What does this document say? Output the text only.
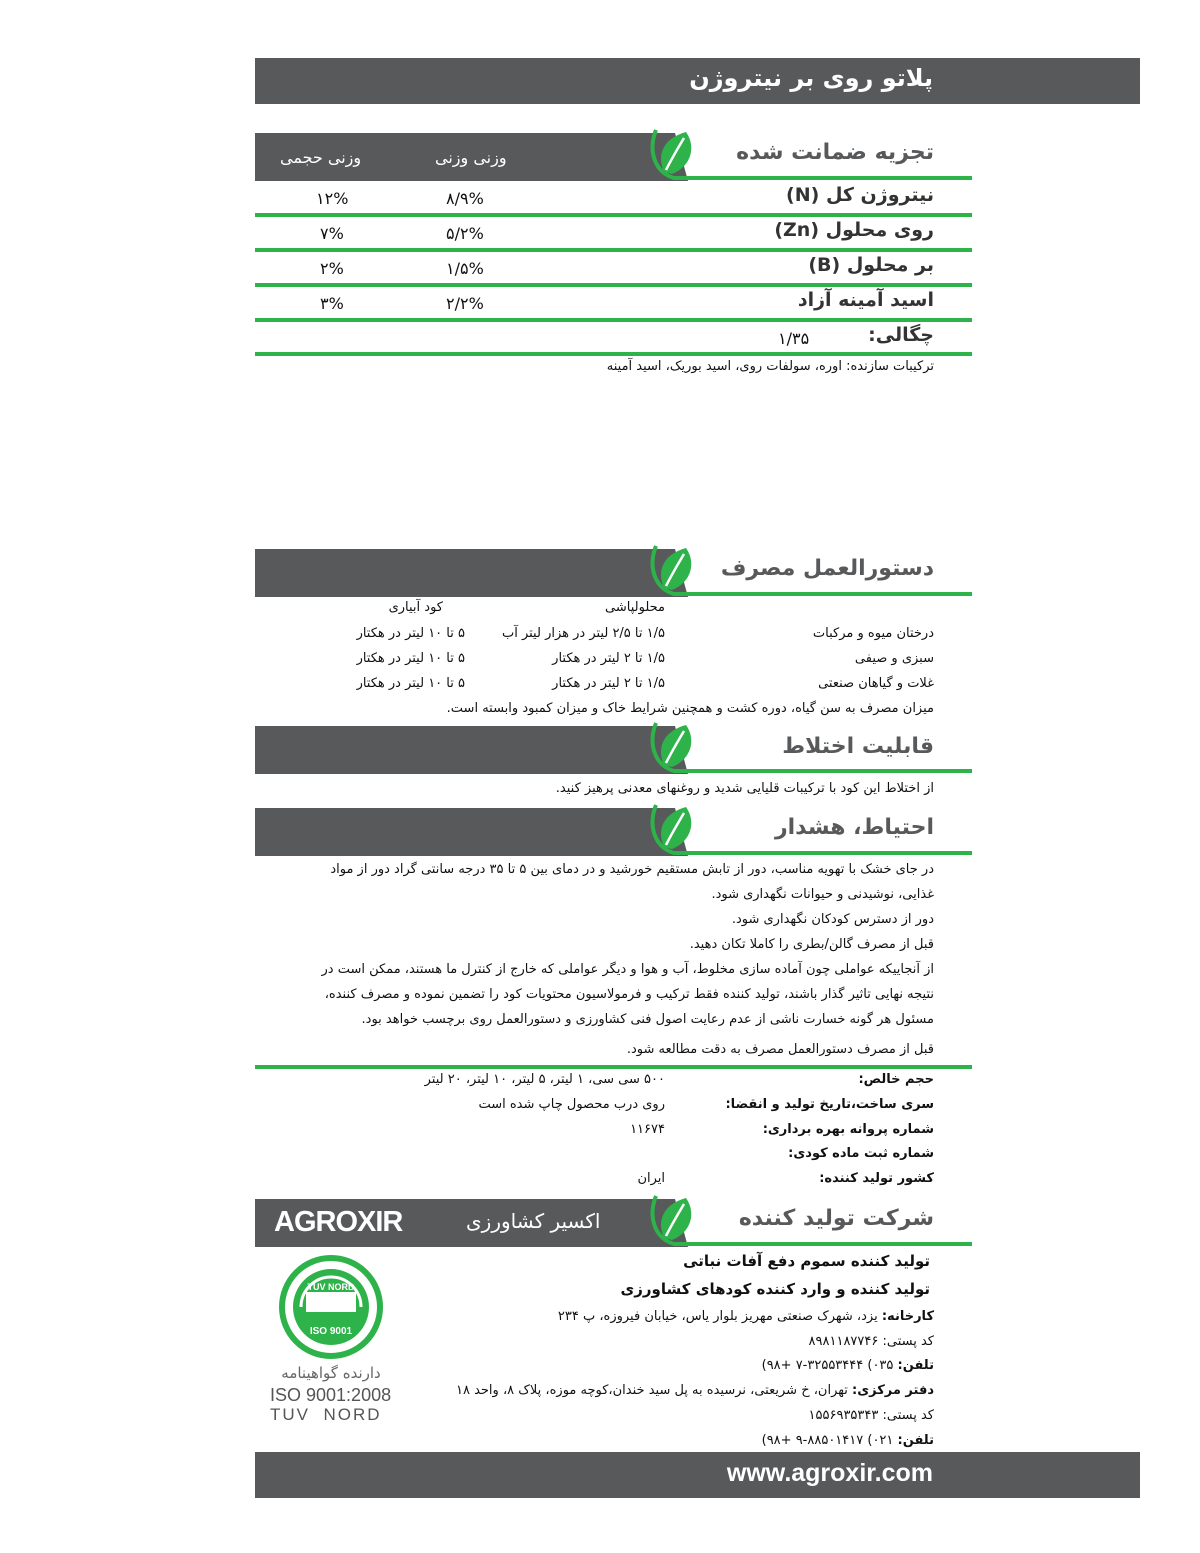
پلاتو روی بر نیتروژن
تجزیه ضمانت شده
وزنی وزنی
وزنی حجمی
نیتروژن کل (N)
۸/۹%
۱۲%
روی محلول (Zn)
۵/۲%
۷%
بر محلول (B)
۱/۵%
۲%
اسید آمینه آزاد
۲/۲%
۳%
چگالی:
۱/۳۵
ترکیبات سازنده: اوره، سولفات روی، اسید بوریک، اسید آمینه
دستورالعمل مصرف
محلولپاشی
کود آبیاری
درختان میوه و مرکبات
۱/۵ تا ۲/۵ لیتر در هزار لیتر آب
۵ تا ۱۰ لیتر در هکتار
سبزی و صیفی
۱/۵ تا ۲ لیتر در هکتار
۵ تا ۱۰ لیتر در هکتار
غلات و گیاهان صنعتی
۱/۵ تا ۲ لیتر در هکتار
۵ تا ۱۰ لیتر در هکتار
میزان مصرف به سن گیاه، دوره کشت و همچنین شرایط خاک و میزان کمبود وابسته است.
قابلیت اختلاط
از اختلاط این کود با ترکیبات قلیایی شدید و روغنهای معدنی پرهیز کنید.
احتیاط، هشدار
در جای خشک با تهویه مناسب، دور از تابش مستقیم خورشید و در دمای بین ۵ تا ۳۵ درجه سانتی گراد دور از مواد
غذایی، نوشیدنی و حیوانات نگهداری شود.
دور از دسترس کودکان نگهداری شود.
قبل از مصرف گالن/بطری را کاملا تکان دهید.
از آنجاییکه عواملی چون آماده سازی مخلوط، آب و هوا و دیگر عواملی که خارج از کنترل ما هستند، ممکن است در
نتیجه نهایی تاثیر گذار باشند، تولید کننده فقط ترکیب و فرمولاسیون محتویات کود را تضمین نموده و مصرف کننده،
مسئول هر گونه خسارت ناشی از عدم رعایت اصول فنی کشاورزی و دستورالعمل روی برچسب خواهد بود.
قبل از مصرف دستورالعمل مصرف به دقت مطالعه شود.
حجم خالص:
۵۰۰ سی سی، ۱ لیتر، ۵ لیتر، ۱۰ لیتر، ۲۰ لیتر
سری ساخت،تاریخ تولید و انقضا:
روی درب محصول چاپ شده است
شماره پروانه بهره برداری:
۱۱۶۷۴
شماره ثبت ماده کودی:
کشور تولید کننده:
ایران
شرکت تولید کننده
اکسیر کشاورزی
AGROXIR
تولید کننده سموم دفع آفات نباتی
تولید کننده و وارد کننده کودهای کشاورزی
کارخانه: یزد، شهرک صنعتی مهریز بلوار یاس، خیابان فیروزه، پ ۲۳۴
کد پستی: ۸۹۸۱۱۸۷۷۴۶
تلفن: ۰۳۵) ۳۲۵۵۳۴۴۴-۷ +۹۸)
دفتر مرکزی: تهران، خ شریعتی، نرسیده به پل سید خندان،کوچه موزه، پلاک ۸، واحد ۱۸
کد پستی: ۱۵۵۶۹۳۵۳۴۳
تلفن: ۰۲۱) ۸۸۵۰۱۴۱۷-۹ +۹۸)
TUV NORD
ISO 9001
دارنده گواهینامه
ISO 9001:2008
TUV  NORD
www.agroxir.com
